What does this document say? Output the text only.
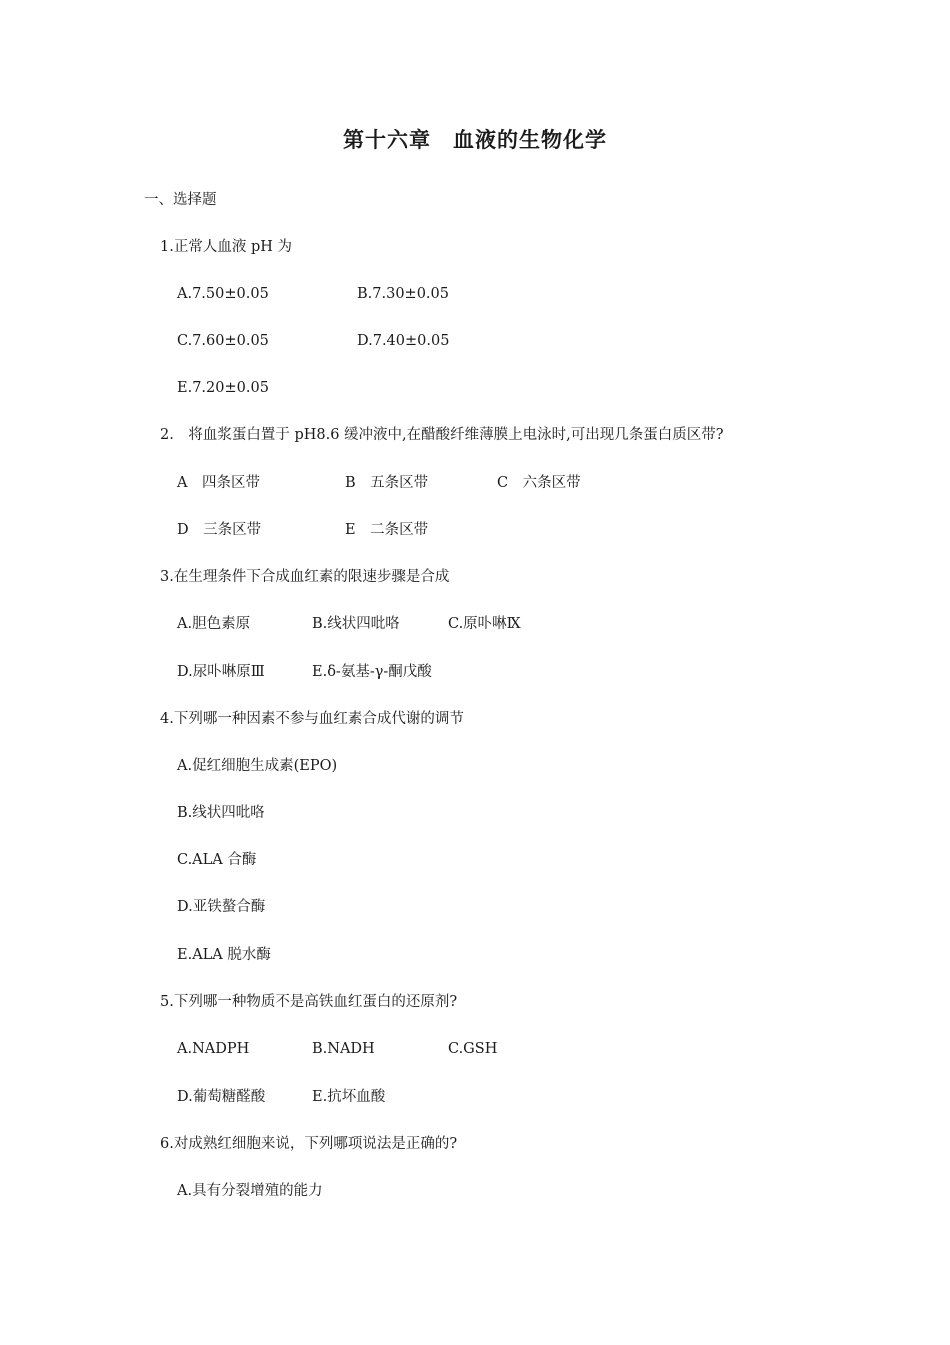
第十六章　血液的生物化学
一、选择题
1.正常人血液 pH 为
A.7.50±0.05	B.7.30±0.05
C.7.60±0.05	D.7.40±0.05
E.7.20±0.05
2.　将血浆蛋白置于 pH8.6 缓冲液中,在醋酸纤维薄膜上电泳时,可出现几条蛋白质区带?
A　四条区带	B　五条区带	C　六条区带
D　三条区带	E　二条区带
3.在生理条件下合成血红素的限速步骤是合成
A.胆色素原	B.线状四吡咯	C.原卟啉Ⅸ
D.尿卟啉原Ⅲ	E.δ-氨基-γ-酮戊酸
4.下列哪一种因素不参与血红素合成代谢的调节
A.促红细胞生成素(EPO)
B.线状四吡咯
C.ALA 合酶
D.亚铁螯合酶
E.ALA 脱水酶
5.下列哪一种物质不是高铁血红蛋白的还原剂?
A.NADPH	B.NADH	C.GSH
D.葡萄糖醛酸	E.抗坏血酸
6.对成熟红细胞来说，下列哪项说法是正确的?
A.具有分裂增殖的能力
